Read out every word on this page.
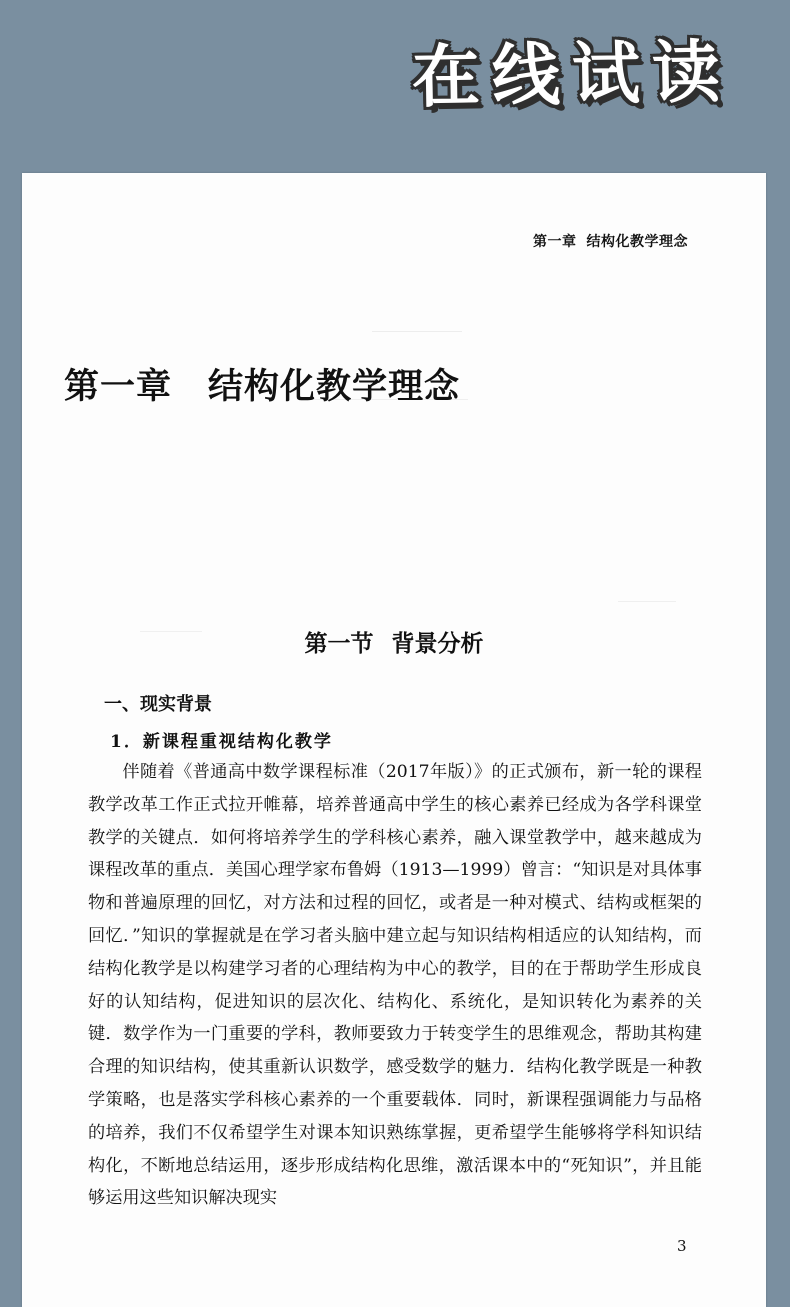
在线试读

第一章 结构化教学理念

第一章 结构化教学理念
第一节 背景分析
一、现实背景
1．新课程重视结构化教学

伴随着《普通高中数学课程标准（2017年版）》的正式颁布，新一轮的课程教学改革工作正式拉开帷幕，培养普通高中学生的核心素养已经成为各学科课堂教学的关键点．如何将培养学生的学科核心素养，融入课堂教学中，越来越成为课程改革的重点．美国心理学家布鲁姆（1913—1999）曾言：“知识是对具体事物和普遍原理的回忆，对方法和过程的回忆，或者是一种对模式、结构或框架的回忆．”知识的掌握就是在学习者头脑中建立起与知识结构相适应的认知结构，而结构化教学是以构建学习者的心理结构为中心的教学，目的在于帮助学生形成良好的认知结构，促进知识的层次化、结构化、系统化，是知识转化为素养的关键．数学作为一门重要的学科，教师要致力于转变学生的思维观念，帮助其构建合理的知识结构，使其重新认识数学，感受数学的魅力．结构化教学既是一种教学策略，也是落实学科核心素养的一个重要载体．同时，新课程强调能力与品格的培养，我们不仅希望学生对课本知识熟练掌握，更希望学生能够将学科知识结构化，不断地总结运用，逐步形成结构化思维，激活课本中的“死知识”，并且能够运用这些知识解决现实

3
